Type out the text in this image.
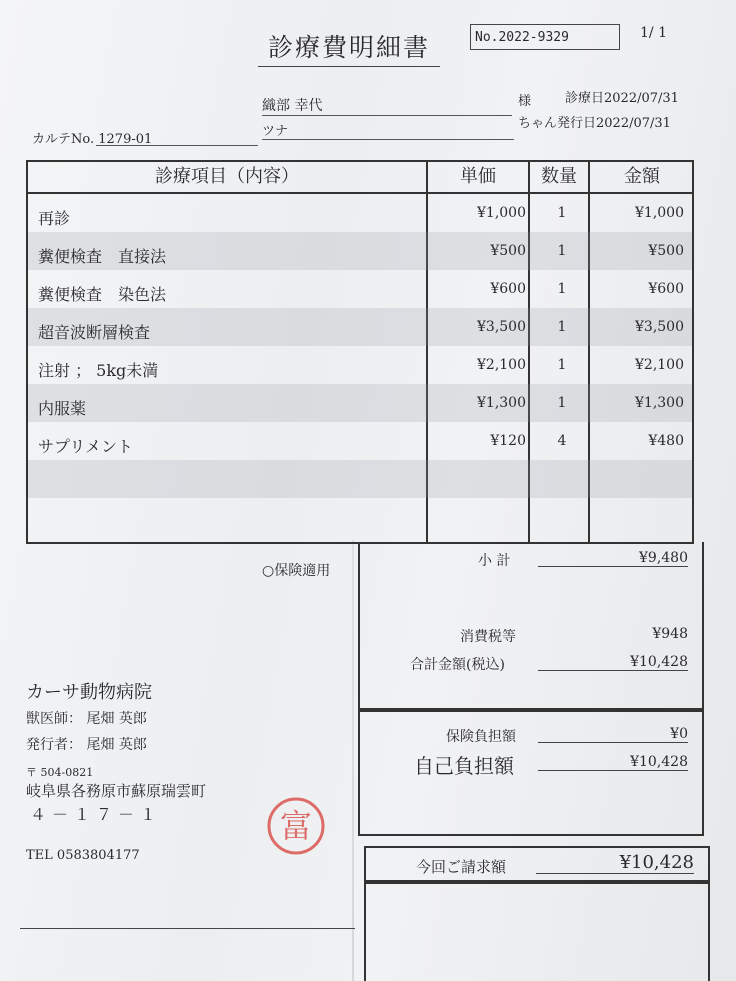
診療費明細書	No.2022-9329	1/ 1
織部 幸代	様	診療日2022/07/31
ツナ
ちゃん発行日2022/07/31
カルテNo. 1279-01
診療項目（内容）	単価	数量	金額
再診	¥1,000 1	¥1,000
糞便検査　直接法	¥500 1	¥500
糞便検査　染色法	¥600 1	¥600
超音波断層検査	¥3,500 1	¥3,500
注射 ； 5kg未満	¥2,100 1	¥2,100
内服薬	¥1,300 1	¥1,300
サプリメント	¥120 4	¥480
○保険適用
小 計	¥9,480
消費税等	¥948
合計金額(税込)	¥10,428
保険負担額	¥0
自己負担額	¥10,428
今回ご請求額	¥10,428
カーサ動物病院
獣医師： 尾畑 英郎
発行者： 尾畑 英郎
〒 504-0821
岐阜県各務原市蘇原瑞雲町
４－１７－１
TEL 0583804177
富
